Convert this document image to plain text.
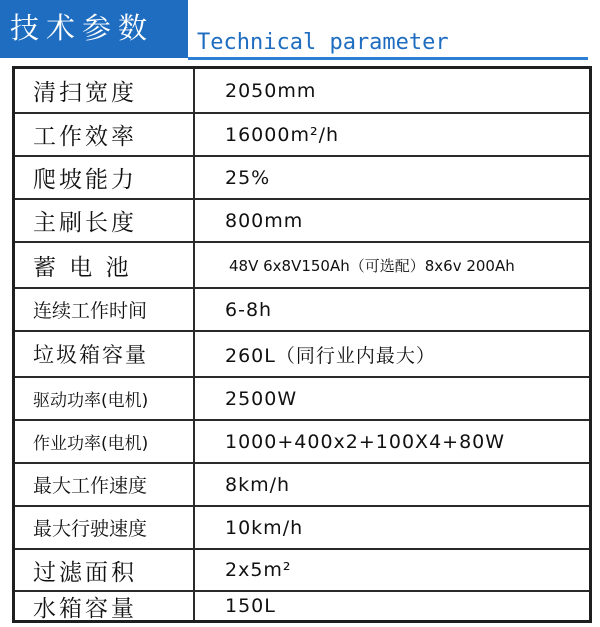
技术参数 Technical parameter
清扫宽度	2050mm
工作效率	16000m²/h
爬坡能力	25%
主刷长度	800mm
蓄 电 池	48V 6x8V150Ah（可选配）8x6v 200Ah
连续工作时间	6-8h
垃圾箱容量	260L（同行业内最大）
驱动功率(电机)	2500W
作业功率(电机)	1000+400x2+100X4+80W
最大工作速度	8km/h
最大行驶速度	10km/h
过滤面积	2x5m²
水箱容量	150L
